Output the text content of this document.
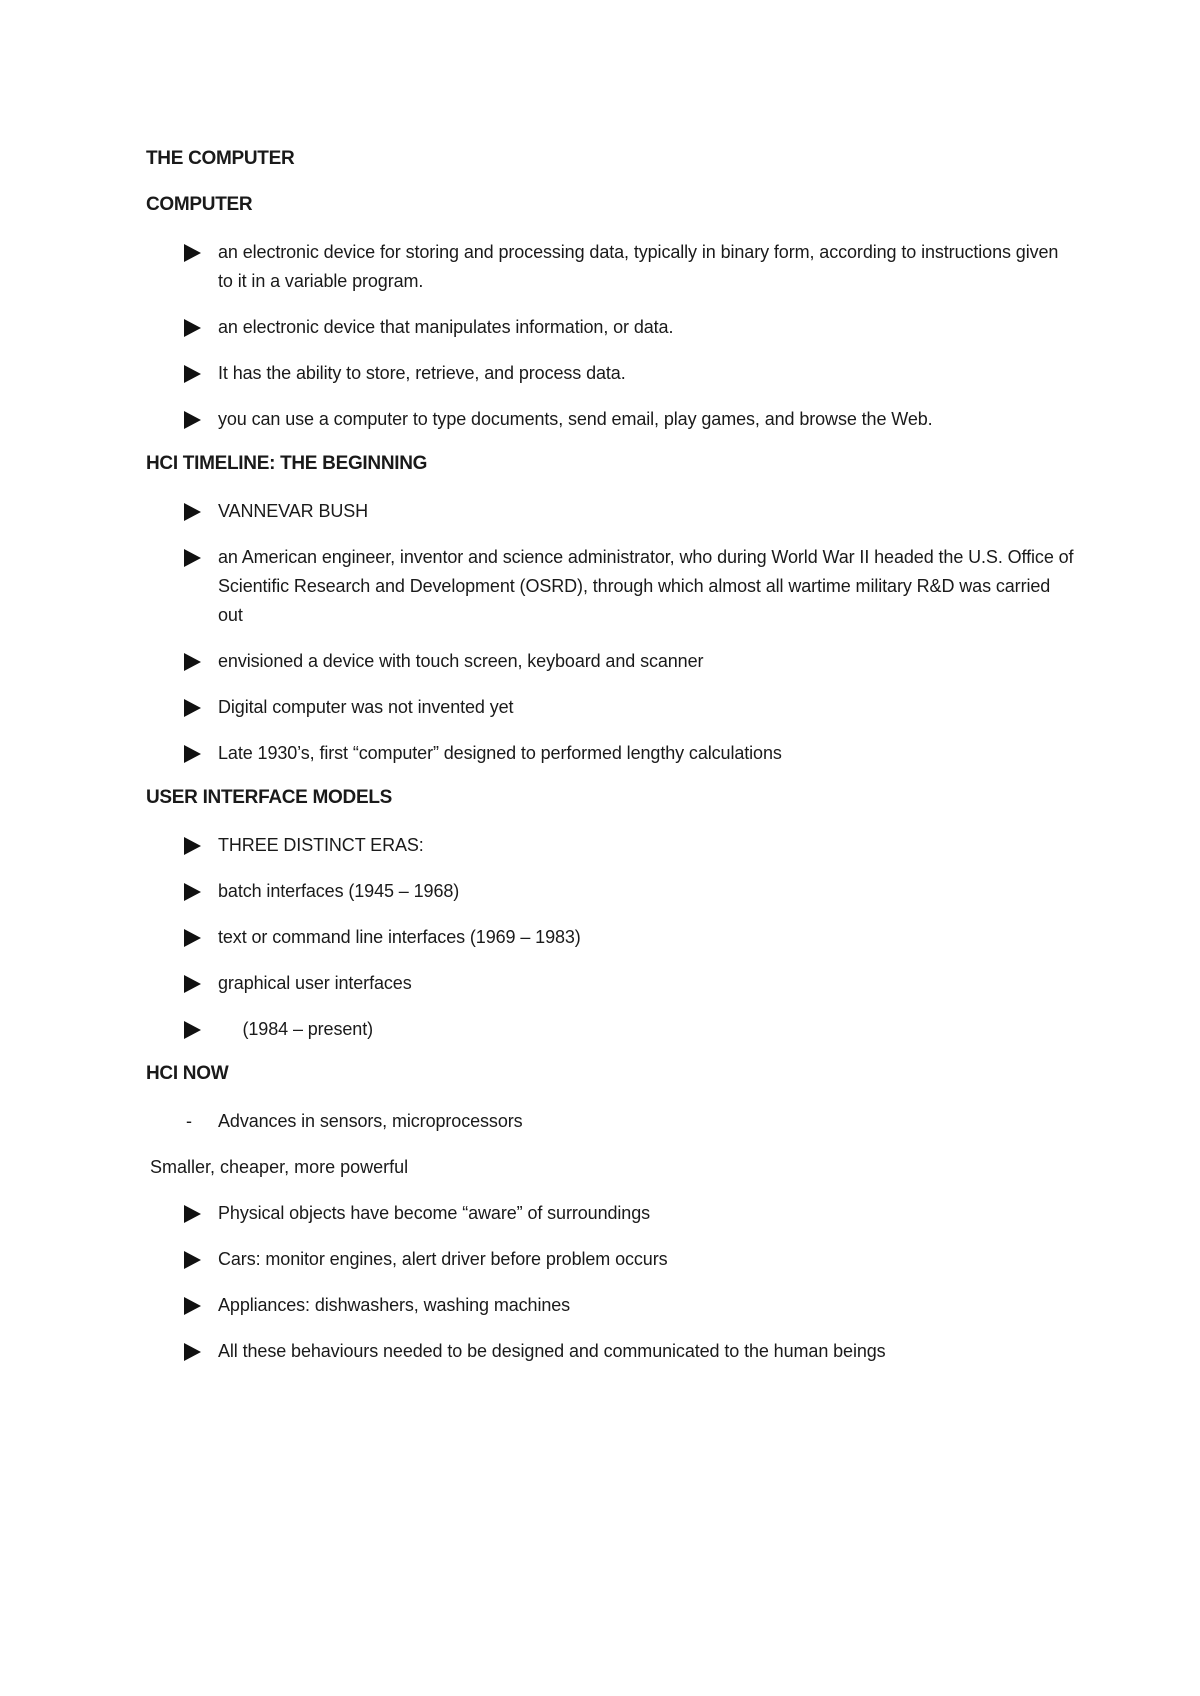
THE COMPUTER
COMPUTER
an electronic device for storing and processing data, typically in binary form, according to instructions given to it in a variable program.
an electronic device that manipulates information, or data.
It has the ability to store, retrieve, and process data.
you can use a computer to type documents, send email, play games, and browse the Web.
HCI TIMELINE: THE BEGINNING
VANNEVAR BUSH
an American engineer, inventor and science administrator, who during World War II headed the U.S. Office of Scientific Research and Development (OSRD), through which almost all wartime military R&D was carried out
envisioned a device with touch screen, keyboard and scanner
Digital computer was not invented yet
Late 1930’s, first “computer” designed to performed lengthy calculations
USER INTERFACE MODELS
THREE DISTINCT ERAS:
batch interfaces (1945 – 1968)
text or command line interfaces (1969 – 1983)
graphical user interfaces
(1984 – present)
HCI NOW
- Advances in sensors, microprocessors
Smaller, cheaper, more powerful
Physical objects have become “aware” of surroundings
Cars: monitor engines, alert driver before problem occurs
Appliances: dishwashers, washing machines
All these behaviours needed to be designed and communicated to the human beings
